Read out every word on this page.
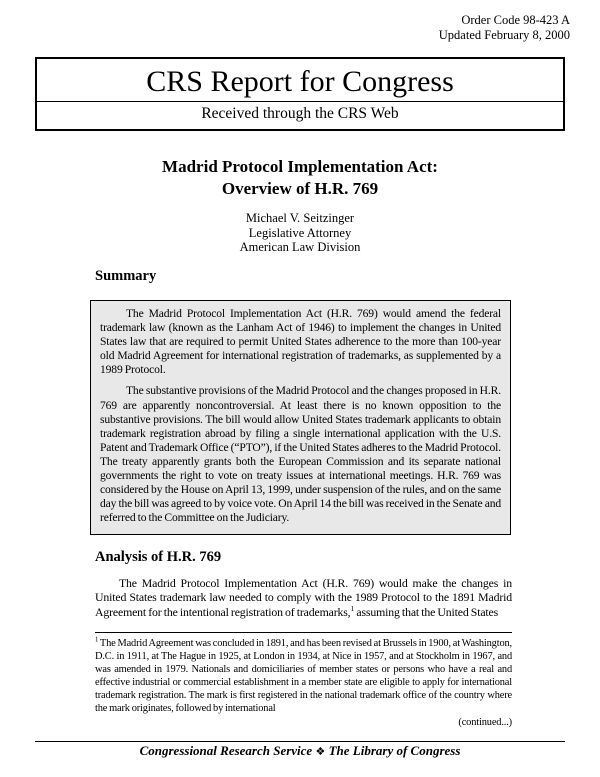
Order Code 98-423 A
Updated February 8, 2000
CRS Report for Congress
Received through the CRS Web
Madrid Protocol Implementation Act:
Overview of H.R. 769
Michael V. Seitzinger
Legislative Attorney
American Law Division
Summary

The Madrid Protocol Implementation Act (H.R. 769) would amend the federal trademark law (known as the Lanham Act of 1946) to implement the changes in United States law that are required to permit United States adherence to the more than 100-year old Madrid Agreement for international registration of trademarks, as supplemented by a 1989 Protocol.

The substantive provisions of the Madrid Protocol and the changes proposed in H.R. 769 are apparently noncontroversial. At least there is no known opposition to the substantive provisions. The bill would allow United States trademark applicants to obtain trademark registration abroad by filing a single international application with the U.S. Patent and Trademark Office (“PTO”), if the United States adheres to the Madrid Protocol. The treaty apparently grants both the European Commission and its separate national governments the right to vote on treaty issues at international meetings. H.R. 769 was considered by the House on April 13, 1999, under suspension of the rules, and on the same day the bill was agreed to by voice vote. On April 14 the bill was received in the Senate and referred to the Committee on the Judiciary.

Analysis of H.R. 769

The Madrid Protocol Implementation Act (H.R. 769) would make the changes in United States trademark law needed to comply with the 1989 Protocol to the 1891 Madrid Agreement for the intentional registration of trademarks,$^1$ assuming that the United States

$^1$ The Madrid Agreement was concluded in 1891, and has been revised at Brussels in 1900, at Washington, D.C. in 1911, at The Hague in 1925, at London in 1934, at Nice in 1957, and at Stockholm in 1967, and was amended in 1979. Nationals and domiciliaries of member states or persons who have a real and effective industrial or commercial establishment in a member state are eligible to apply for international trademark registration. The mark is first registered in the national trademark office of the country where the mark originates, followed by international

(continued...)
Congressional Research Service ❖ The Library of Congress
